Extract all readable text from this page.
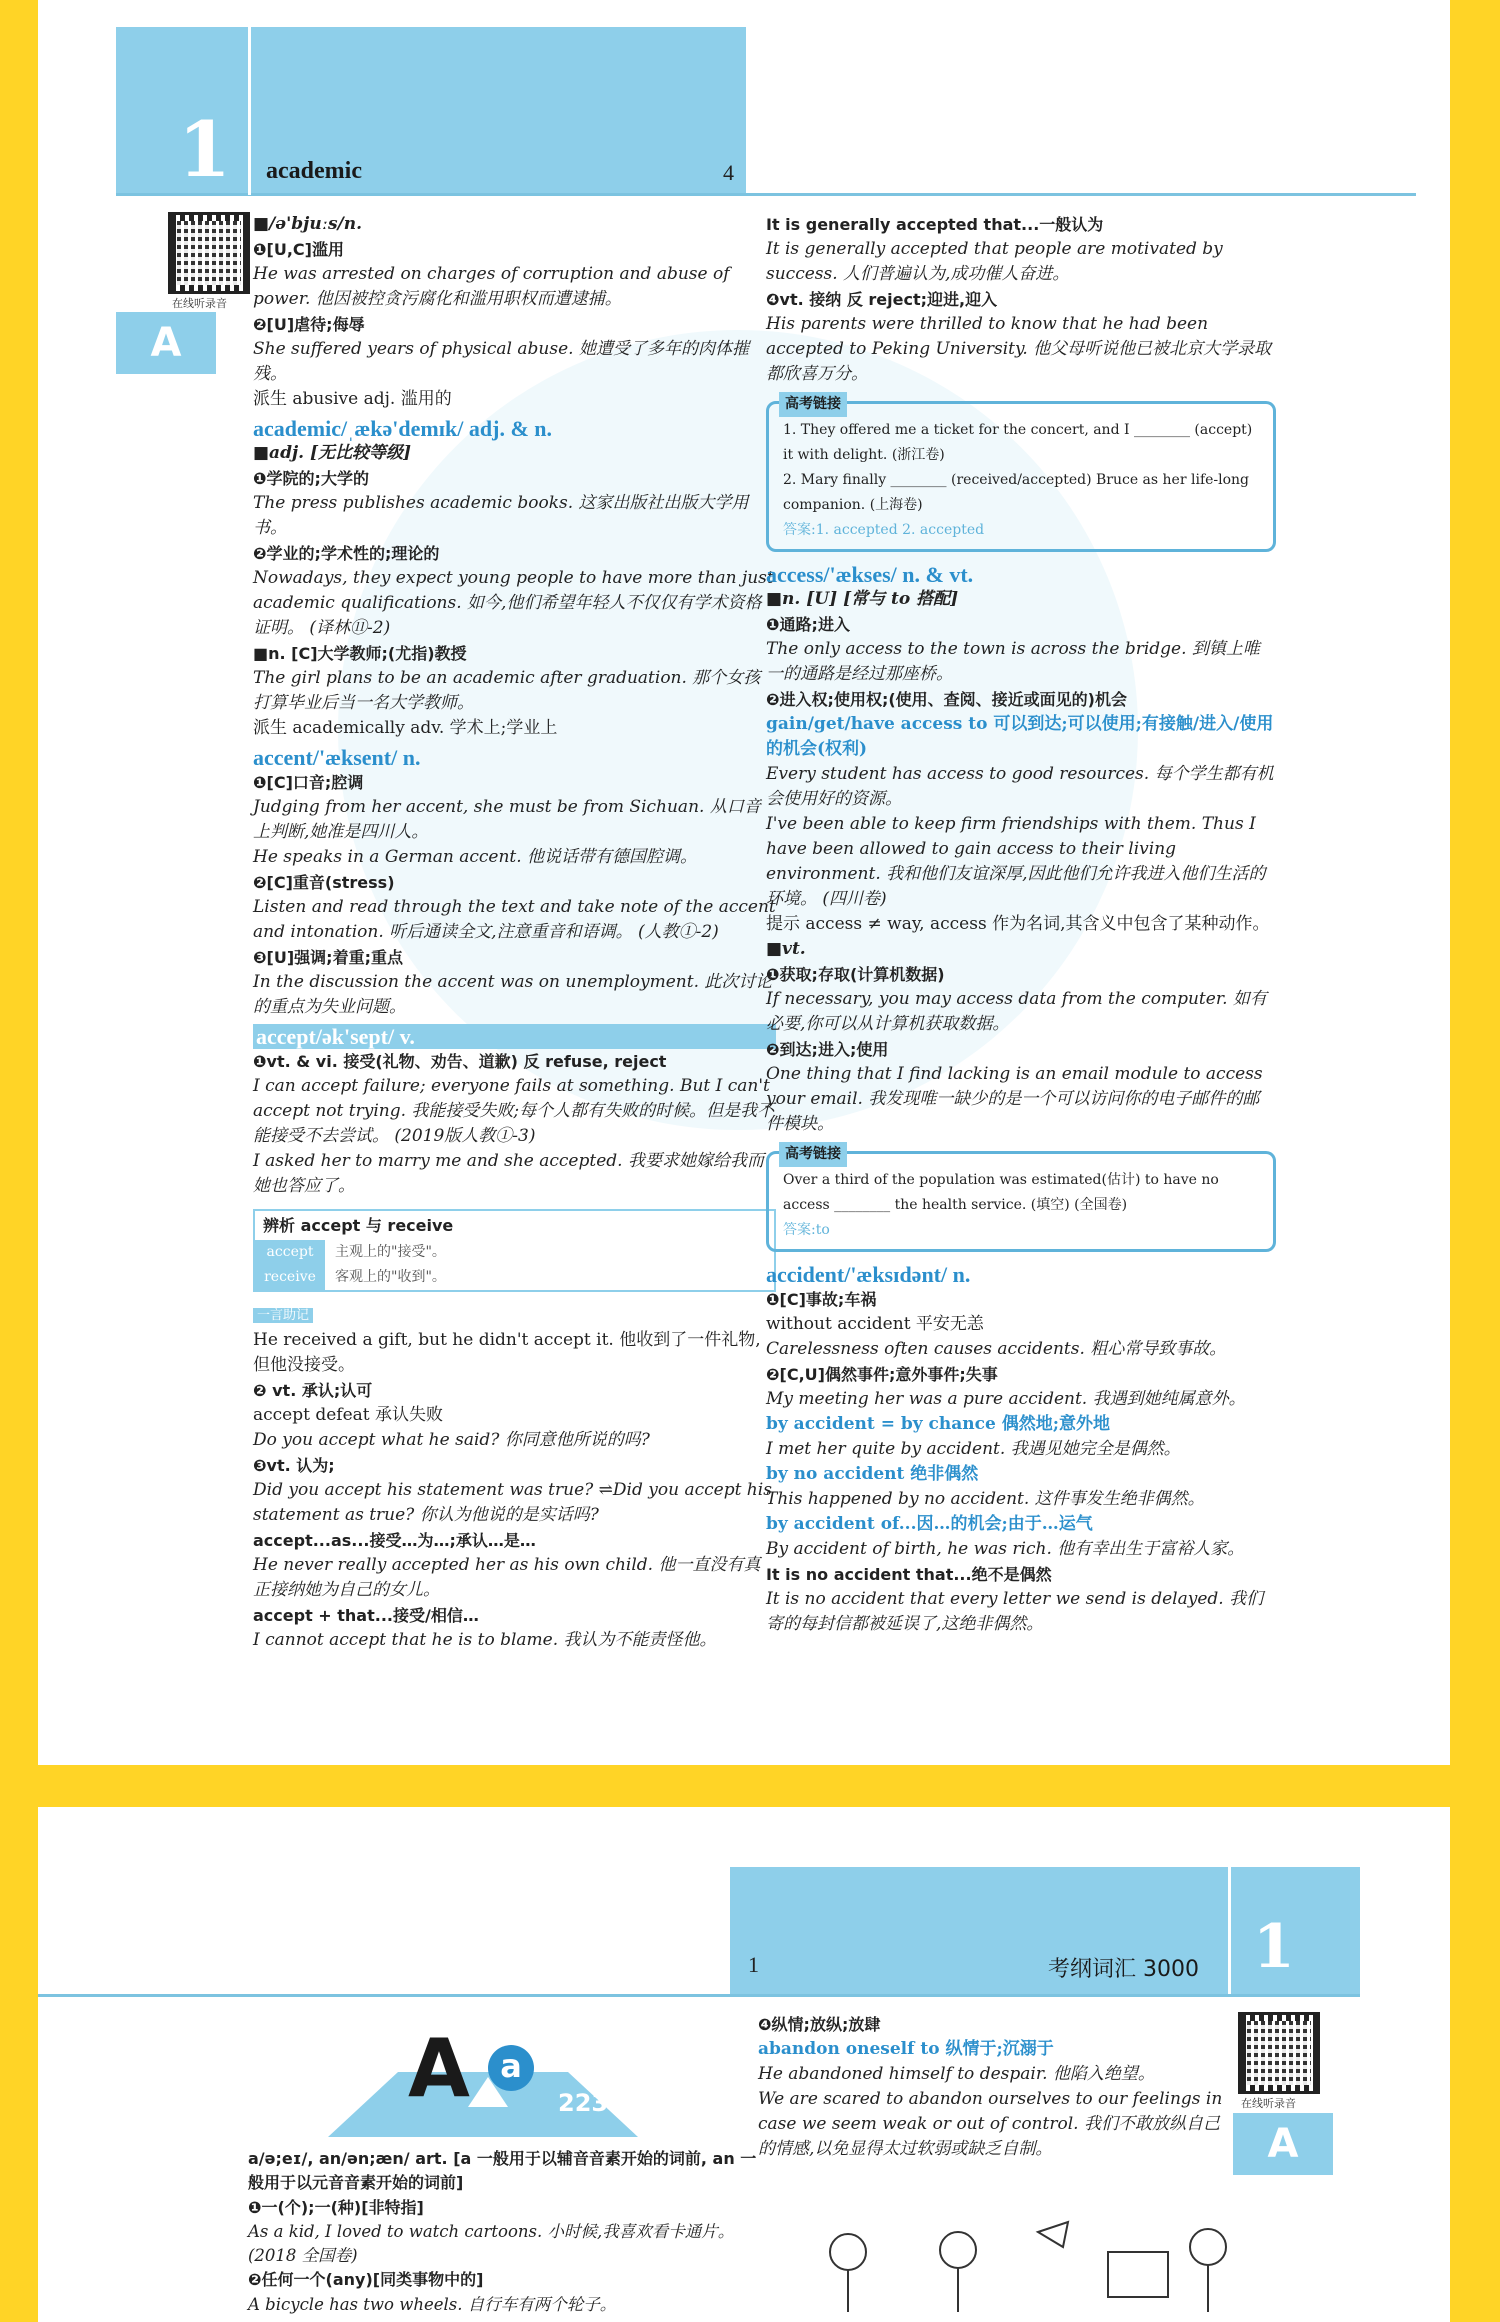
1 academic	4
在线听录音
A

■/ə'bjuːs/n.

❶[U,C]滥用

He was arrested on charges of corruption and abuse of power. 他因被控贪污腐化和滥用职权而遭逮捕。

❷[U]虐待;侮辱

She suffered years of physical abuse. 她遭受了多年的肉体摧残。

派生 abusive adj. 滥用的

academic/ˌækə'demɪk/ adj. & n.

■adj. [无比较等级]

❶学院的;大学的

The press publishes academic books. 这家出版社出版大学用书。

❷学业的;学术性的;理论的

Nowadays, they expect young people to have more than just academic qualifications. 如今,他们希望年轻人不仅仅有学术资格证明。 (译林⑪-2)

■n. [C]大学教师;(尤指)教授

The girl plans to be an academic after graduation. 那个女孩打算毕业后当一名大学教师。

派生 academically adv. 学术上;学业上

accent/'æksent/ n.

❶[C]口音;腔调

Judging from her accent, she must be from Sichuan. 从口音上判断,她准是四川人。

He speaks in a German accent. 他说话带有德国腔调。

❷[C]重音(stress)

Listen and read through the text and take note of the accent and intonation. 听后通读全文,注意重音和语调。 (人教①-2)

❸[U]强调;着重;重点

In the discussion the accent was on unemployment. 此次讨论的重点为失业问题。

accept/ək'sept/ v.

❶vt. & vi. 接受(礼物、劝告、道歉) 反 refuse, reject

I can accept failure; everyone fails at something. But I can't accept not trying. 我能接受失败;每个人都有失败的时候。但是我不能接受不去尝试。 (2019版人教①-3)

I asked her to marry me and she accepted. 我要求她嫁给我而她也答应了。

辨析 accept 与 receive
accept	主观上的"接受"。
receive	客观上的"收到"。

一言助记

He received a gift, but he didn't accept it. 他收到了一件礼物,但他没接受。

❷ vt. 承认;认可

accept defeat 承认失败

Do you accept what he said? 你同意他所说的吗?

❸vt. 认为;

Did you accept his statement was true? ⇌Did you accept his statement as true? 你认为他说的是实话吗?

accept...as...接受…为…;承认…是…

He never really accepted her as his own child. 他一直没有真正接纳她为自己的女儿。

accept + that...接受/相信…

I cannot accept that he is to blame. 我认为不能责怪他。

It is generally accepted that...一般认为

It is generally accepted that people are motivated by success. 人们普遍认为,成功催人奋进。

❹vt. 接纳 反 reject;迎进,迎入

His parents were thrilled to know that he had been accepted to Peking University. 他父母听说他已被北京大学录取都欣喜万分。

高考链接

1. They offered me a ticket for the concert, and I ________ (accept) it with delight. (浙江卷)

2. Mary finally ________ (received/accepted) Bruce as her life-long companion. (上海卷)

答案:1. accepted 2. accepted

access/'ækses/ n. & vt.

■n. [U] [常与 to 搭配]

❶通路;进入

The only access to the town is across the bridge. 到镇上唯一的通路是经过那座桥。

❷进入权;使用权;(使用、查阅、接近或面见的)机会

gain/get/have access to 可以到达;可以使用;有接触/进入/使用的机会(权利)

Every student has access to good resources. 每个学生都有机会使用好的资源。

I've been able to keep firm friendships with them. Thus I have been allowed to gain access to their living environment. 我和他们友谊深厚,因此他们允许我进入他们生活的环境。 (四川卷)

提示 access ≠ way, access 作为名词,其含义中包含了某种动作。

■vt.

❶获取;存取(计算机数据)

If necessary, you may access data from the computer. 如有必要,你可以从计算机获取数据。

❷到达;进入;使用

One thing that I find lacking is an email module to access your email. 我发现唯一缺少的是一个可以访问你的电子邮件的邮件模块。

高考链接

Over a third of the population was estimated(估计) to have no access ________ the health service. (填空) (全国卷)

答案:to

accident/'æksɪdənt/ n.

❶[C]事故;车祸

without accident 平安无恙

Carelessness often causes accidents. 粗心常导致事故。

❷[C,U]偶然事件;意外事件;失事

My meeting her was a pure accident. 我遇到她纯属意外。

by accident = by chance 偶然地;意外地

I met her quite by accident. 我遇见她完全是偶然。

by no accident 绝非偶然

This happened by no accident. 这件事发生绝非偶然。

by accident of...因…的机会;由于…运气

By accident of birth, he was rich. 他有幸出生于富裕人家。

It is no accident that...绝不是偶然

It is no accident that every letter we send is delayed. 我们寄的每封信都被延误了,这绝非偶然。

1	考纲词汇 3000 1
在线听录音
A
A a
223

a/ə;eɪ/, an/ən;æn/ art. [a 一般用于以辅音音素开始的词前, an 一般用于以元音音素开始的词前]

❶一(个);一(种)[非特指]

As a kid, I loved to watch cartoons. 小时候,我喜欢看卡通片。 (2018 全国卷)

❷任何一个(any)[同类事物中的]

A bicycle has two wheels. 自行车有两个轮子。

❹纵情;放纵;放肆

abandon oneself to 纵情于;沉溺于

He abandoned himself to despair. 他陷入绝望。

We are scared to abandon ourselves to our feelings in case we seem weak or out of control. 我们不敢放纵自己的情感,以免显得太过软弱或缺乏自制。
